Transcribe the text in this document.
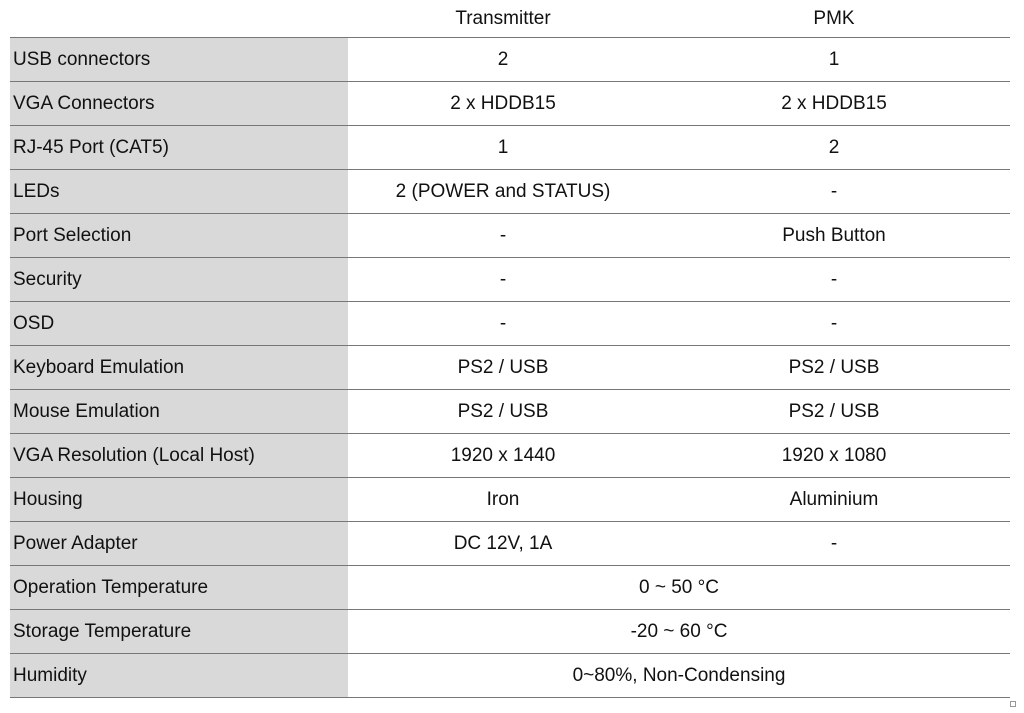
	Transmitter	PMK
USB connectors	2	1
VGA Connectors	2 x HDDB15	2 x HDDB15
RJ-45 Port (CAT5)	1	2
LEDs	2 (POWER and STATUS)	-
Port Selection	-	Push Button
Security	-	-
OSD	-	-
Keyboard Emulation	PS2 / USB	PS2 / USB
Mouse Emulation	PS2 / USB	PS2 / USB
VGA Resolution (Local Host)	1920 x 1440	1920 x 1080
Housing	Iron	Aluminium
Power Adapter	DC 12V, 1A	-
Operation Temperature	0 ~ 50 °C	
Storage Temperature	-20 ~ 60 °C	
Humidity	0~80%, Non-Condensing	
